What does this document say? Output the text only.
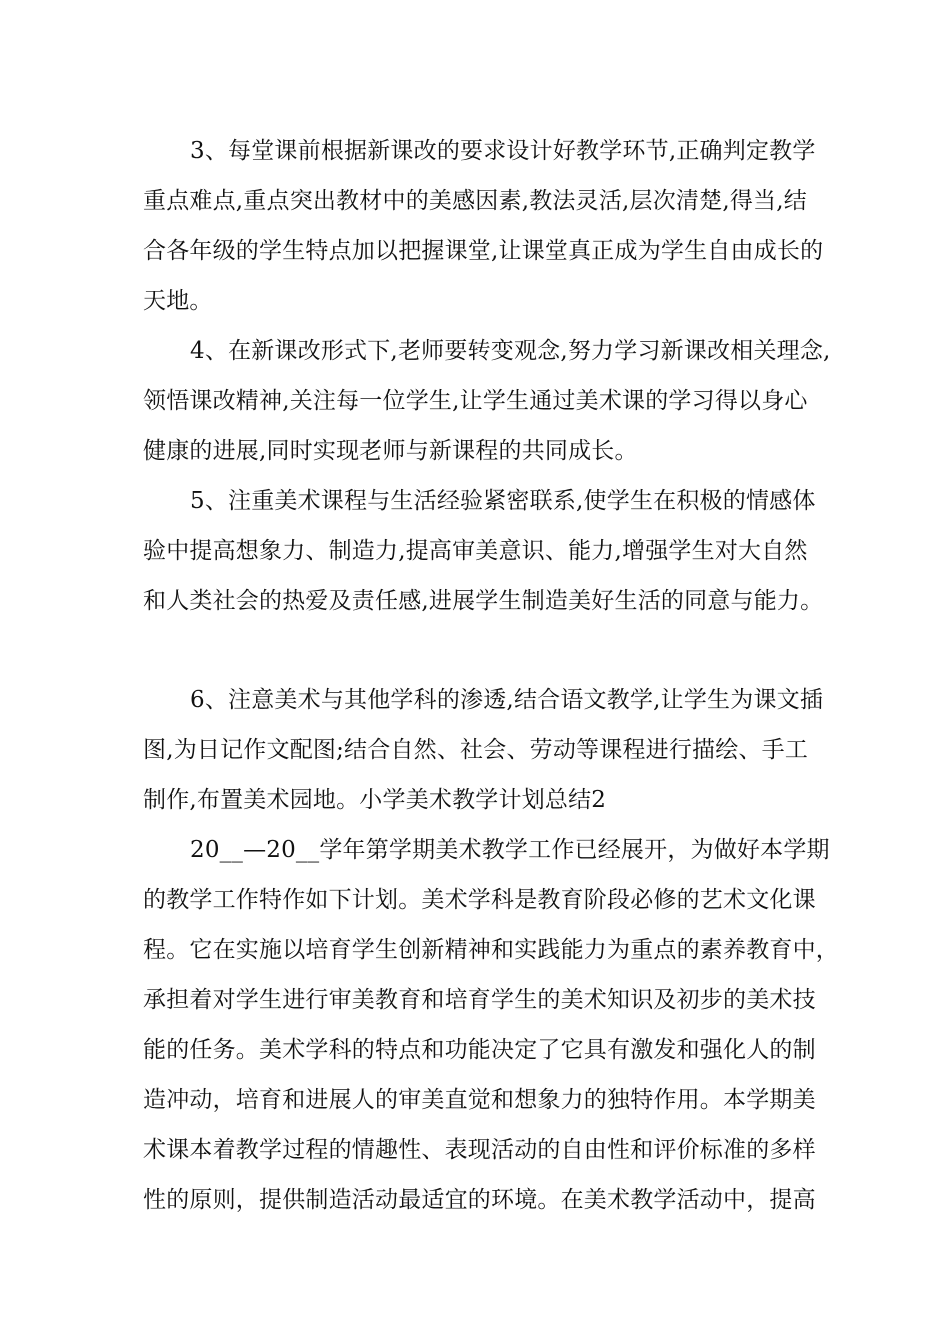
3、每堂课前根据新课改的要求设计好教学环节,正确判定教学
重点难点,重点突出教材中的美感因素,教法灵活,层次清楚,得当,结
合各年级的学生特点加以把握课堂,让课堂真正成为学生自由成长的
天地。
4、在新课改形式下,老师要转变观念,努力学习新课改相关理念,
领悟课改精神,关注每一位学生,让学生通过美术课的学习得以身心
健康的进展,同时实现老师与新课程的共同成长。
5、注重美术课程与生活经验紧密联系,使学生在积极的情感体
验中提高想象力、制造力,提高审美意识、能力,增强学生对大自然
和人类社会的热爱及责任感,进展学生制造美好生活的同意与能力。
6、注意美术与其他学科的渗透,结合语文教学,让学生为课文插
图,为日记作文配图;结合自然、社会、劳动等课程进行描绘、手工
制作,布置美术园地。小学美术教学计划总结2
20__—20__学年第学期美术教学工作已经展开，为做好本学期
的教学工作特作如下计划。美术学科是教育阶段必修的艺术文化课
程。它在实施以培育学生创新精神和实践能力为重点的素养教育中，
承担着对学生进行审美教育和培育学生的美术知识及初步的美术技
能的任务。美术学科的特点和功能决定了它具有激发和强化人的制
造冲动，培育和进展人的审美直觉和想象力的独特作用。本学期美
术课本着教学过程的情趣性、表现活动的自由性和评价标准的多样
性的原则，提供制造活动最适宜的环境。在美术教学活动中，提高
